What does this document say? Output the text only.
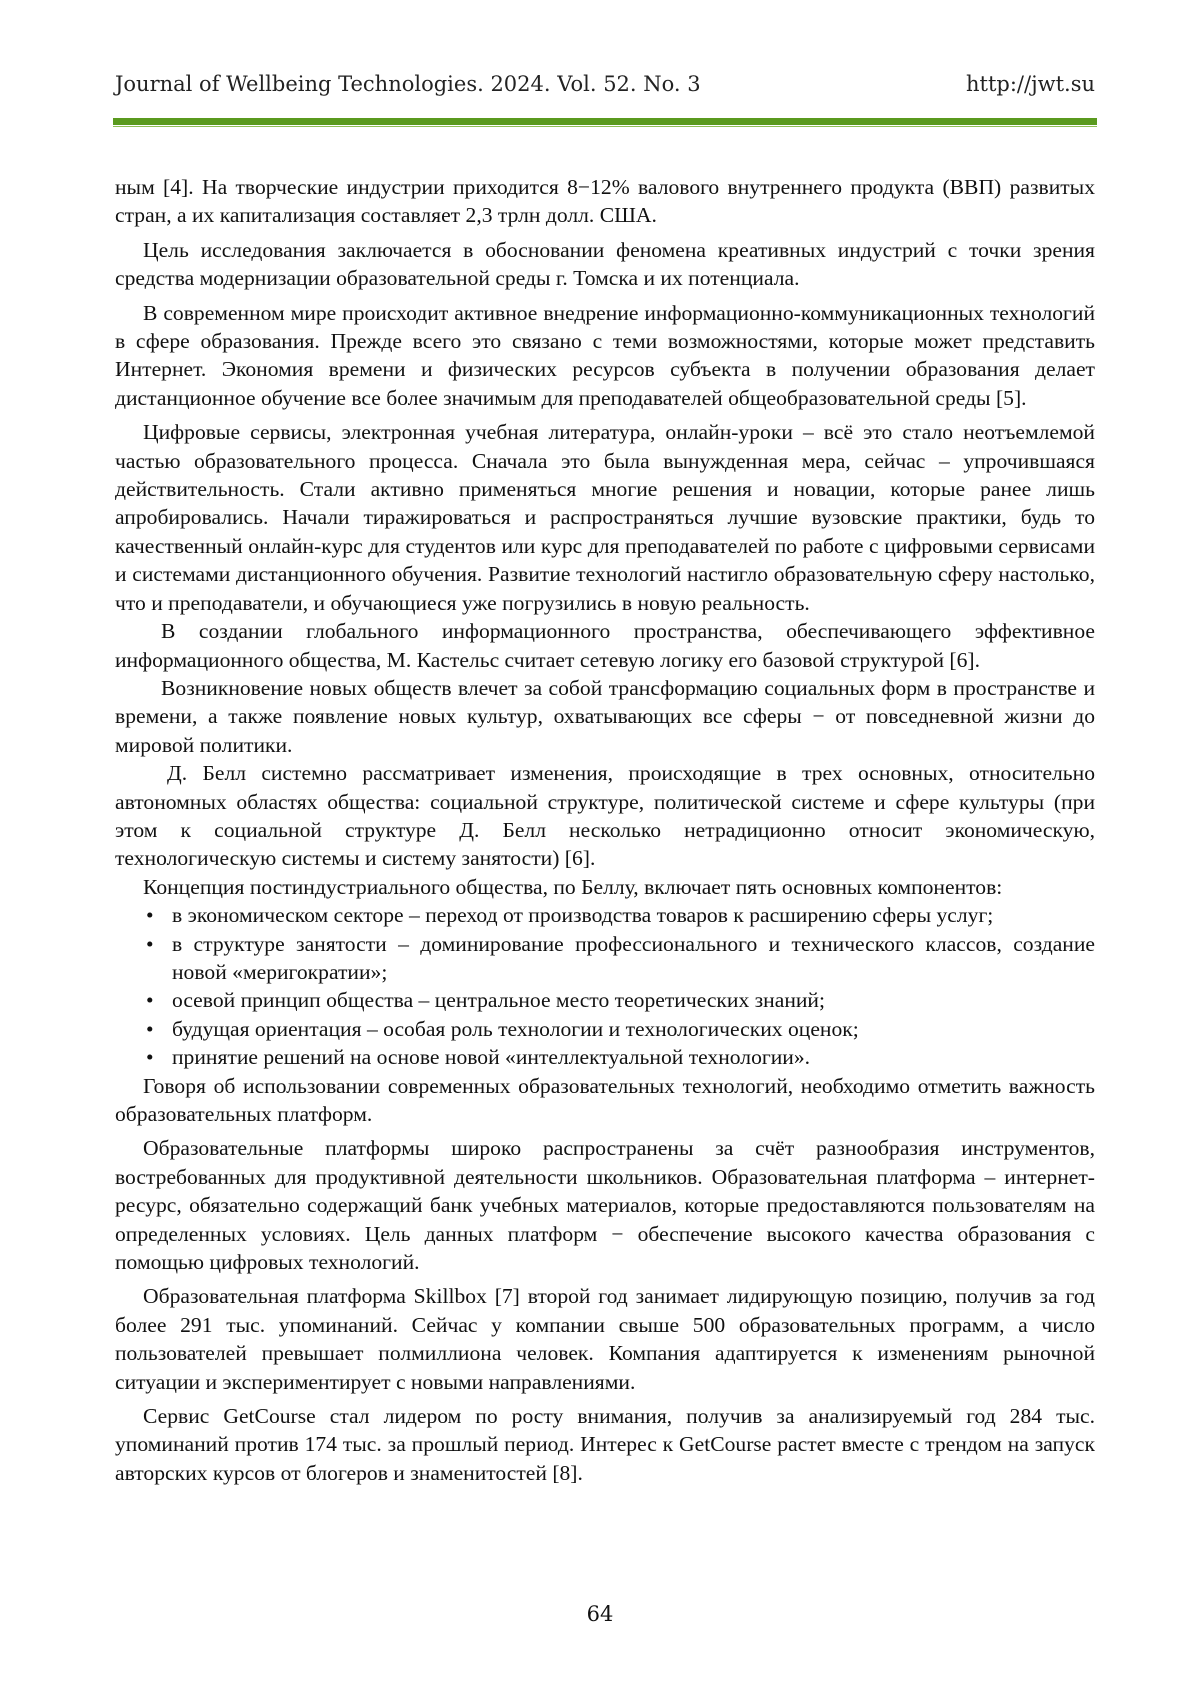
Journal of Wellbeing Technologies. 2024. Vol. 52. No. 3	http://jwt.su

ным [4]. На творческие индустрии приходится 8−12% валового внутреннего продукта (ВВП) развитых стран, а их капитализация составляет 2,3 трлн долл. США.

Цель исследования заключается в обосновании феномена креативных индустрий с точки зрения средства модернизации образовательной среды г. Томска и их потенциала.

В современном мире происходит активное внедрение информационно-коммуникационных технологий в сфере образования. Прежде всего это связано с теми возможностями, которые может представить Интернет. Экономия времени и физических ресурсов субъекта в получении образования делает дистанционное обучение все более значимым для преподавателей общеобразовательной среды [5].

Цифровые сервисы, электронная учебная литература, онлайн-уроки – всё это стало неотъемлемой частью образовательного процесса. Сначала это была вынужденная мера, сейчас – упрочившаяся действительность. Стали активно применяться многие решения и новации, которые ранее лишь апробировались. Начали тиражироваться и распространяться лучшие вузовские практики, будь то качественный онлайн-курс для студентов или курс для преподавателей по работе с цифровыми сервисами и системами дистанционного обучения. Развитие технологий настигло образовательную сферу настолько, что и преподаватели, и обучающиеся уже погрузились в новую реальность.

В создании глобального информационного пространства, обеспечивающего эффективное информационного общества, М. Кастельс считает сетевую логику его базовой структурой [6].

Возникновение новых обществ влечет за собой трансформацию социальных форм в пространстве и времени, а также появление новых культур, охватывающих все сферы − от повседневной жизни до мировой политики.

Д. Белл системно рассматривает изменения, происходящие в трех основных, относительно автономных областях общества: социальной структуре, политической системе и сфере культуры (при этом к социальной структуре Д. Белл несколько нетрадиционно относит экономическую, технологическую системы и систему занятости) [6].

Концепция постиндустриального общества, по Беллу, включает пять основных компонентов:

• в экономическом секторе – переход от производства товаров к расширению сферы услуг;
• в структуре занятости – доминирование профессионального и технического классов, создание новой «меригократии»;
• осевой принцип общества – центральное место теоретических знаний;
• будущая ориентация – особая роль технологии и технологических оценок;
• принятие решений на основе новой «интеллектуальной технологии».

Говоря об использовании современных образовательных технологий, необходимо отметить важность образовательных платформ.

Образовательные платформы широко распространены за счёт разнообразия инструментов, востребованных для продуктивной деятельности школьников. Образовательная платформа – интернет-ресурс, обязательно содержащий банк учебных материалов, которые предоставляются пользователям на определенных условиях. Цель данных платформ − обеспечение высокого качества образования с помощью цифровых технологий.

Образовательная платформа Skillbox [7] второй год занимает лидирующую позицию, получив за год более 291 тыс. упоминаний. Сейчас у компании свыше 500 образовательных программ, а число пользователей превышает полмиллиона человек. Компания адаптируется к изменениям рыночной ситуации и экспериментирует с новыми направлениями.

Сервис GetCourse стал лидером по росту внимания, получив за анализируемый год 284 тыс. упоминаний против 174 тыс. за прошлый период. Интерес к GetCourse растет вместе с трендом на запуск авторских курсов от блогеров и знаменитостей [8].

64
